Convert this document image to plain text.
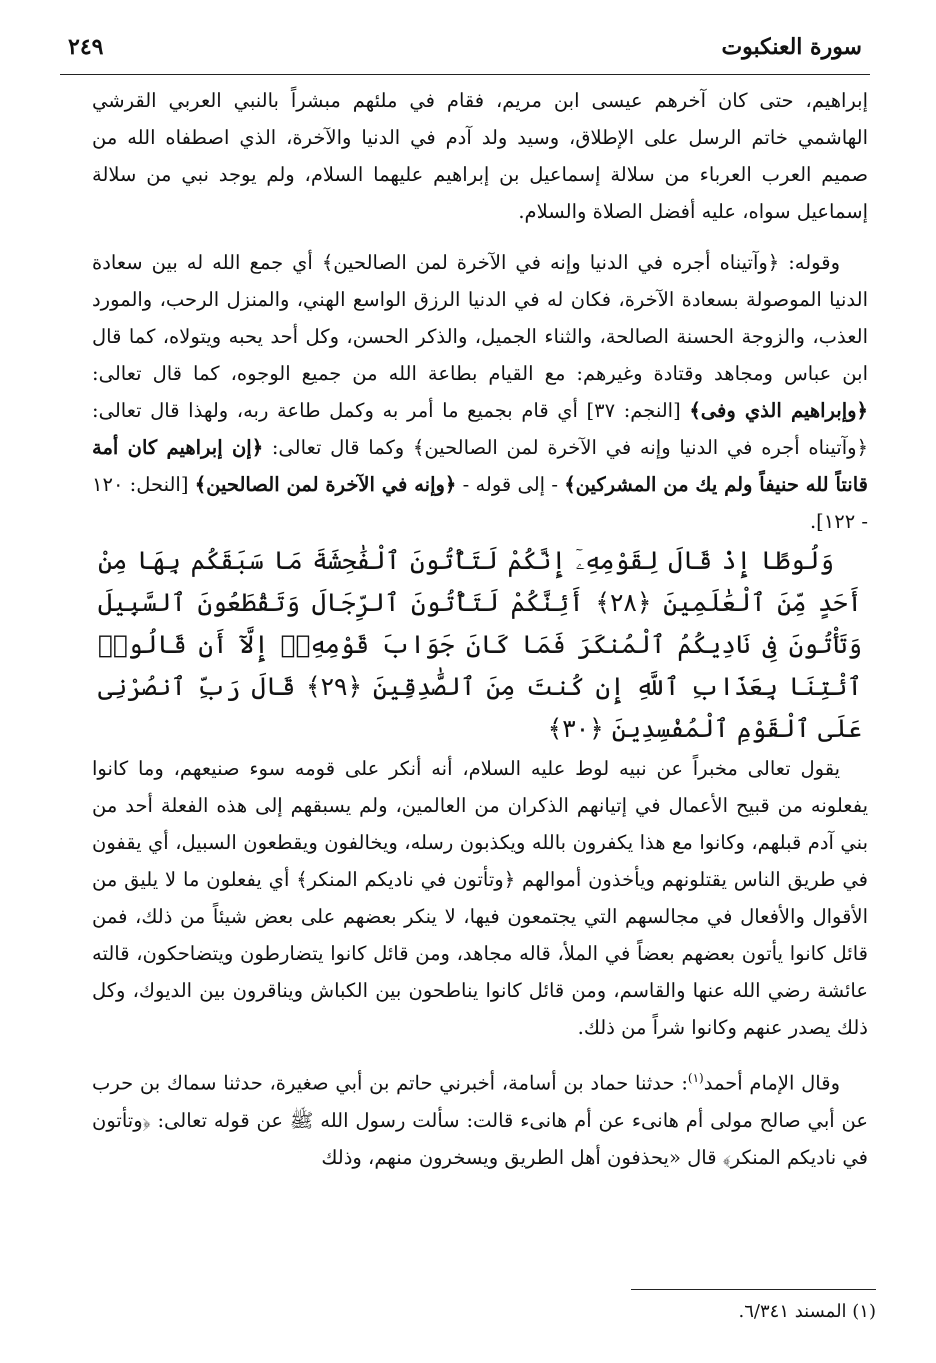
سورة العنكبوت
٢٤٩

إبراهيم، حتى كان آخرهم عيسى ابن مريم، فقام في ملئهم مبشراً بالنبي العربي القرشي الهاشمي خاتم الرسل على الإطلاق، وسيد ولد آدم في الدنيا والآخرة، الذي اصطفاه الله من صميم العرب العرباء من سلالة إسماعيل بن إبراهيم عليهما السلام، ولم يوجد نبي من سلالة إسماعيل سواه، عليه أفضل الصلاة والسلام.

وقوله: ﴿وآتيناه أجره في الدنيا وإنه في الآخرة لمن الصالحين﴾ أي جمع الله له بين سعادة الدنيا الموصولة بسعادة الآخرة، فكان له في الدنيا الرزق الواسع الهني، والمنزل الرحب، والمورد العذب، والزوجة الحسنة الصالحة، والثناء الجميل، والذكر الحسن، وكل أحد يحبه ويتولاه، كما قال ابن عباس ومجاهد وقتادة وغيرهم: مع القيام بطاعة الله من جميع الوجوه، كما قال تعالى: ﴿وإبراهيم الذي وفى﴾ [النجم: ٣٧] أي قام بجميع ما أمر به وكمل طاعة ربه، ولهذا قال تعالى: ﴿وآتيناه أجره في الدنيا وإنه في الآخرة لمن الصالحين﴾ وكما قال تعالى: ﴿إن إبراهيم كان أمة قانتاً لله حنيفاً ولم يك من المشركين﴾ - إلى قوله - ﴿وإنه في الآخرة لمن الصالحين﴾ [النحل: ١٢٠ - ١٢٢].

وَلُوطًا إِذْ قَالَ لِقَوْمِهِۦٓ إِنَّكُمْ لَتَأْتُونَ ٱلْفَٰحِشَةَ مَا سَبَقَكُم بِهَا مِنْ أَحَدٍ مِّنَ ٱلْعَٰلَمِينَ ﴿٢٨﴾ أَئِنَّكُمْ لَتَأْتُونَ ٱلرِّجَالَ وَتَقْطَعُونَ ٱلسَّبِيلَ وَتَأْتُونَ فِى نَادِيكُمُ ٱلْمُنكَرَ فَمَا كَانَ جَوَابَ قَوْمِهِۦٓ إِلَّآ أَن قَالُوا۟ ٱئْتِنَا بِعَذَابِ ٱللَّهِ إِن كُنتَ مِنَ ٱلصَّٰدِقِينَ ﴿٢٩﴾ قَالَ رَبِّ ٱنصُرْنِى عَلَى ٱلْقَوْمِ ٱلْمُفْسِدِينَ ﴿٣٠﴾

يقول تعالى مخبراً عن نبيه لوط عليه السلام، أنه أنكر على قومه سوء صنيعهم، وما كانوا يفعلونه من قبيح الأعمال في إتيانهم الذكران من العالمين، ولم يسبقهم إلى هذه الفعلة أحد من بني آدم قبلهم، وكانوا مع هذا يكفرون بالله ويكذبون رسله، ويخالفون ويقطعون السبيل، أي يقفون في طريق الناس يقتلونهم ويأخذون أموالهم ﴿وتأتون في ناديكم المنكر﴾ أي يفعلون ما لا يليق من الأقوال والأفعال في مجالسهم التي يجتمعون فيها، لا ينكر بعضهم على بعض شيئاً من ذلك، فمن قائل كانوا يأتون بعضهم بعضاً في الملأ، قاله مجاهد، ومن قائل كانوا يتضارطون ويتضاحكون، قالته عائشة رضي الله عنها والقاسم، ومن قائل كانوا يناطحون بين الكباش ويناقرون بين الديوك، وكل ذلك يصدر عنهم وكانوا شراً من ذلك.

وقال الإمام أحمد$^{(١)}$: حدثنا حماد بن أسامة، أخبرني حاتم بن أبي صغيرة، حدثنا سماك بن حرب عن أبي صالح مولى أم هانىء عن أم هانىء قالت: سألت رسول الله ﷺ عن قوله تعالى: ﴿وتأتون في ناديكم المنكر﴾ قال «يحذفون أهل الطريق ويسخرون منهم، وذلك

(١) المسند ٦/٣٤١.
